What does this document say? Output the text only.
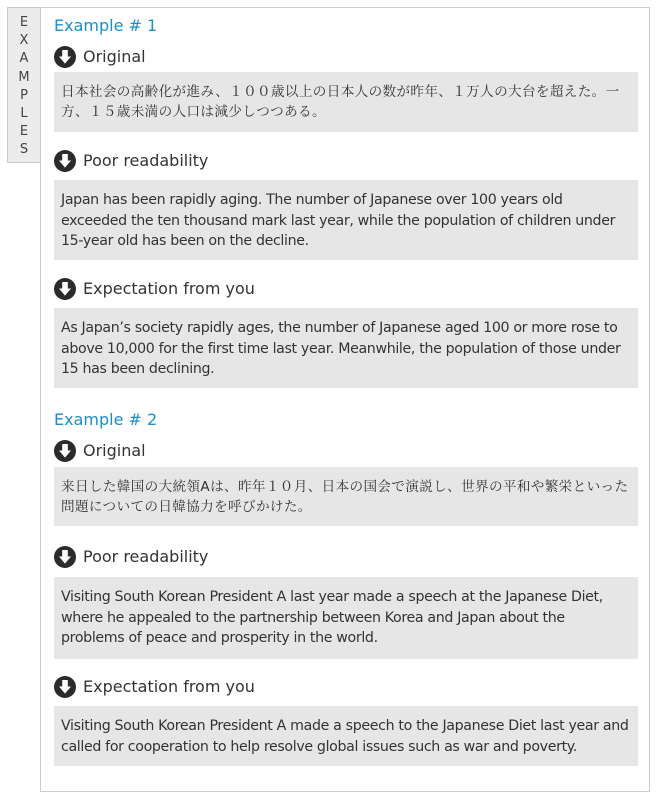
E
X
A
M
P
L
E
S
Example # 1
Original
日本社会の高齢化が進み、１００歳以上の日本人の数が昨年、１万人の大台を超えた。一方、１５歳未満の人口は減少しつつある。
Poor readability
Japan has been rapidly aging. The number of Japanese over 100 years old exceeded the ten thousand mark last year, while the population of children under 15-year old has been on the decline.
Expectation from you
As Japan’s society rapidly ages, the number of Japanese aged 100 or more rose to above 10,000 for the first time last year. Meanwhile, the population of those under 15 has been declining.
Example # 2
Original
来日した韓国の大統領Aは、昨年１０月、日本の国会で演説し、世界の平和や繁栄といった問題についての日韓協力を呼びかけた。
Poor readability
Visiting South Korean President A last year made a speech at the Japanese Diet, where he appealed to the partnership between Korea and Japan about the problems of peace and prosperity in the world.
Expectation from you
Visiting South Korean President A made a speech to the Japanese Diet last year and called for cooperation to help resolve global issues such as war and poverty.
